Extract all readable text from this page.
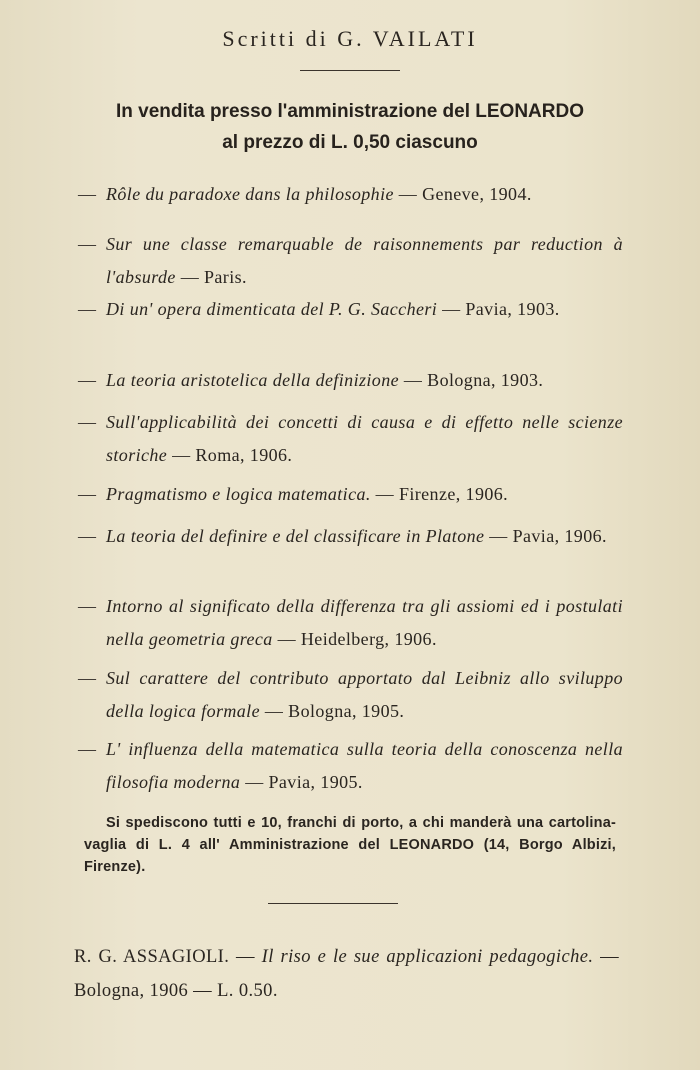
Scritti di G. VAILATI
In vendita presso l'amministrazione del LEONARDO
al prezzo di L. 0,50 ciascuno
— Rôle du paradoxe dans la philosophie — Geneve, 1904.
— Sur une classe remarquable de raisonnements par reduction à l'absurde — Paris.
— Di un' opera dimenticata del P. G. Saccheri — Pavia, 1903.
— La teoria aristotelica della definizione — Bologna, 1903.
— Sull'applicabilità dei concetti di causa e di effetto nelle scienze storiche — Roma, 1906.
— Pragmatismo e logica matematica. — Firenze, 1906.
— La teoria del definire e del classificare in Platone — Pavia, 1906.
— Intorno al significato della differenza tra gli assiomi ed i postulati nella geometria greca — Heidelberg, 1906.
— Sul carattere del contributo apportato dal Leibniz allo sviluppo della logica formale — Bologna, 1905.
— L' influenza della matematica sulla teoria della conoscenza nella filosofia moderna — Pavia, 1905.
Si spediscono tutti e 10, franchi di porto, a chi manderà una cartolina-vaglia di L. 4 all' Amministrazione del LEONARDO (14, Borgo Albizi, Firenze).
R. G. ASSAGIOLI. — Il riso e le sue applicazioni pedagogiche. — Bologna, 1906 — L. 0.50.
